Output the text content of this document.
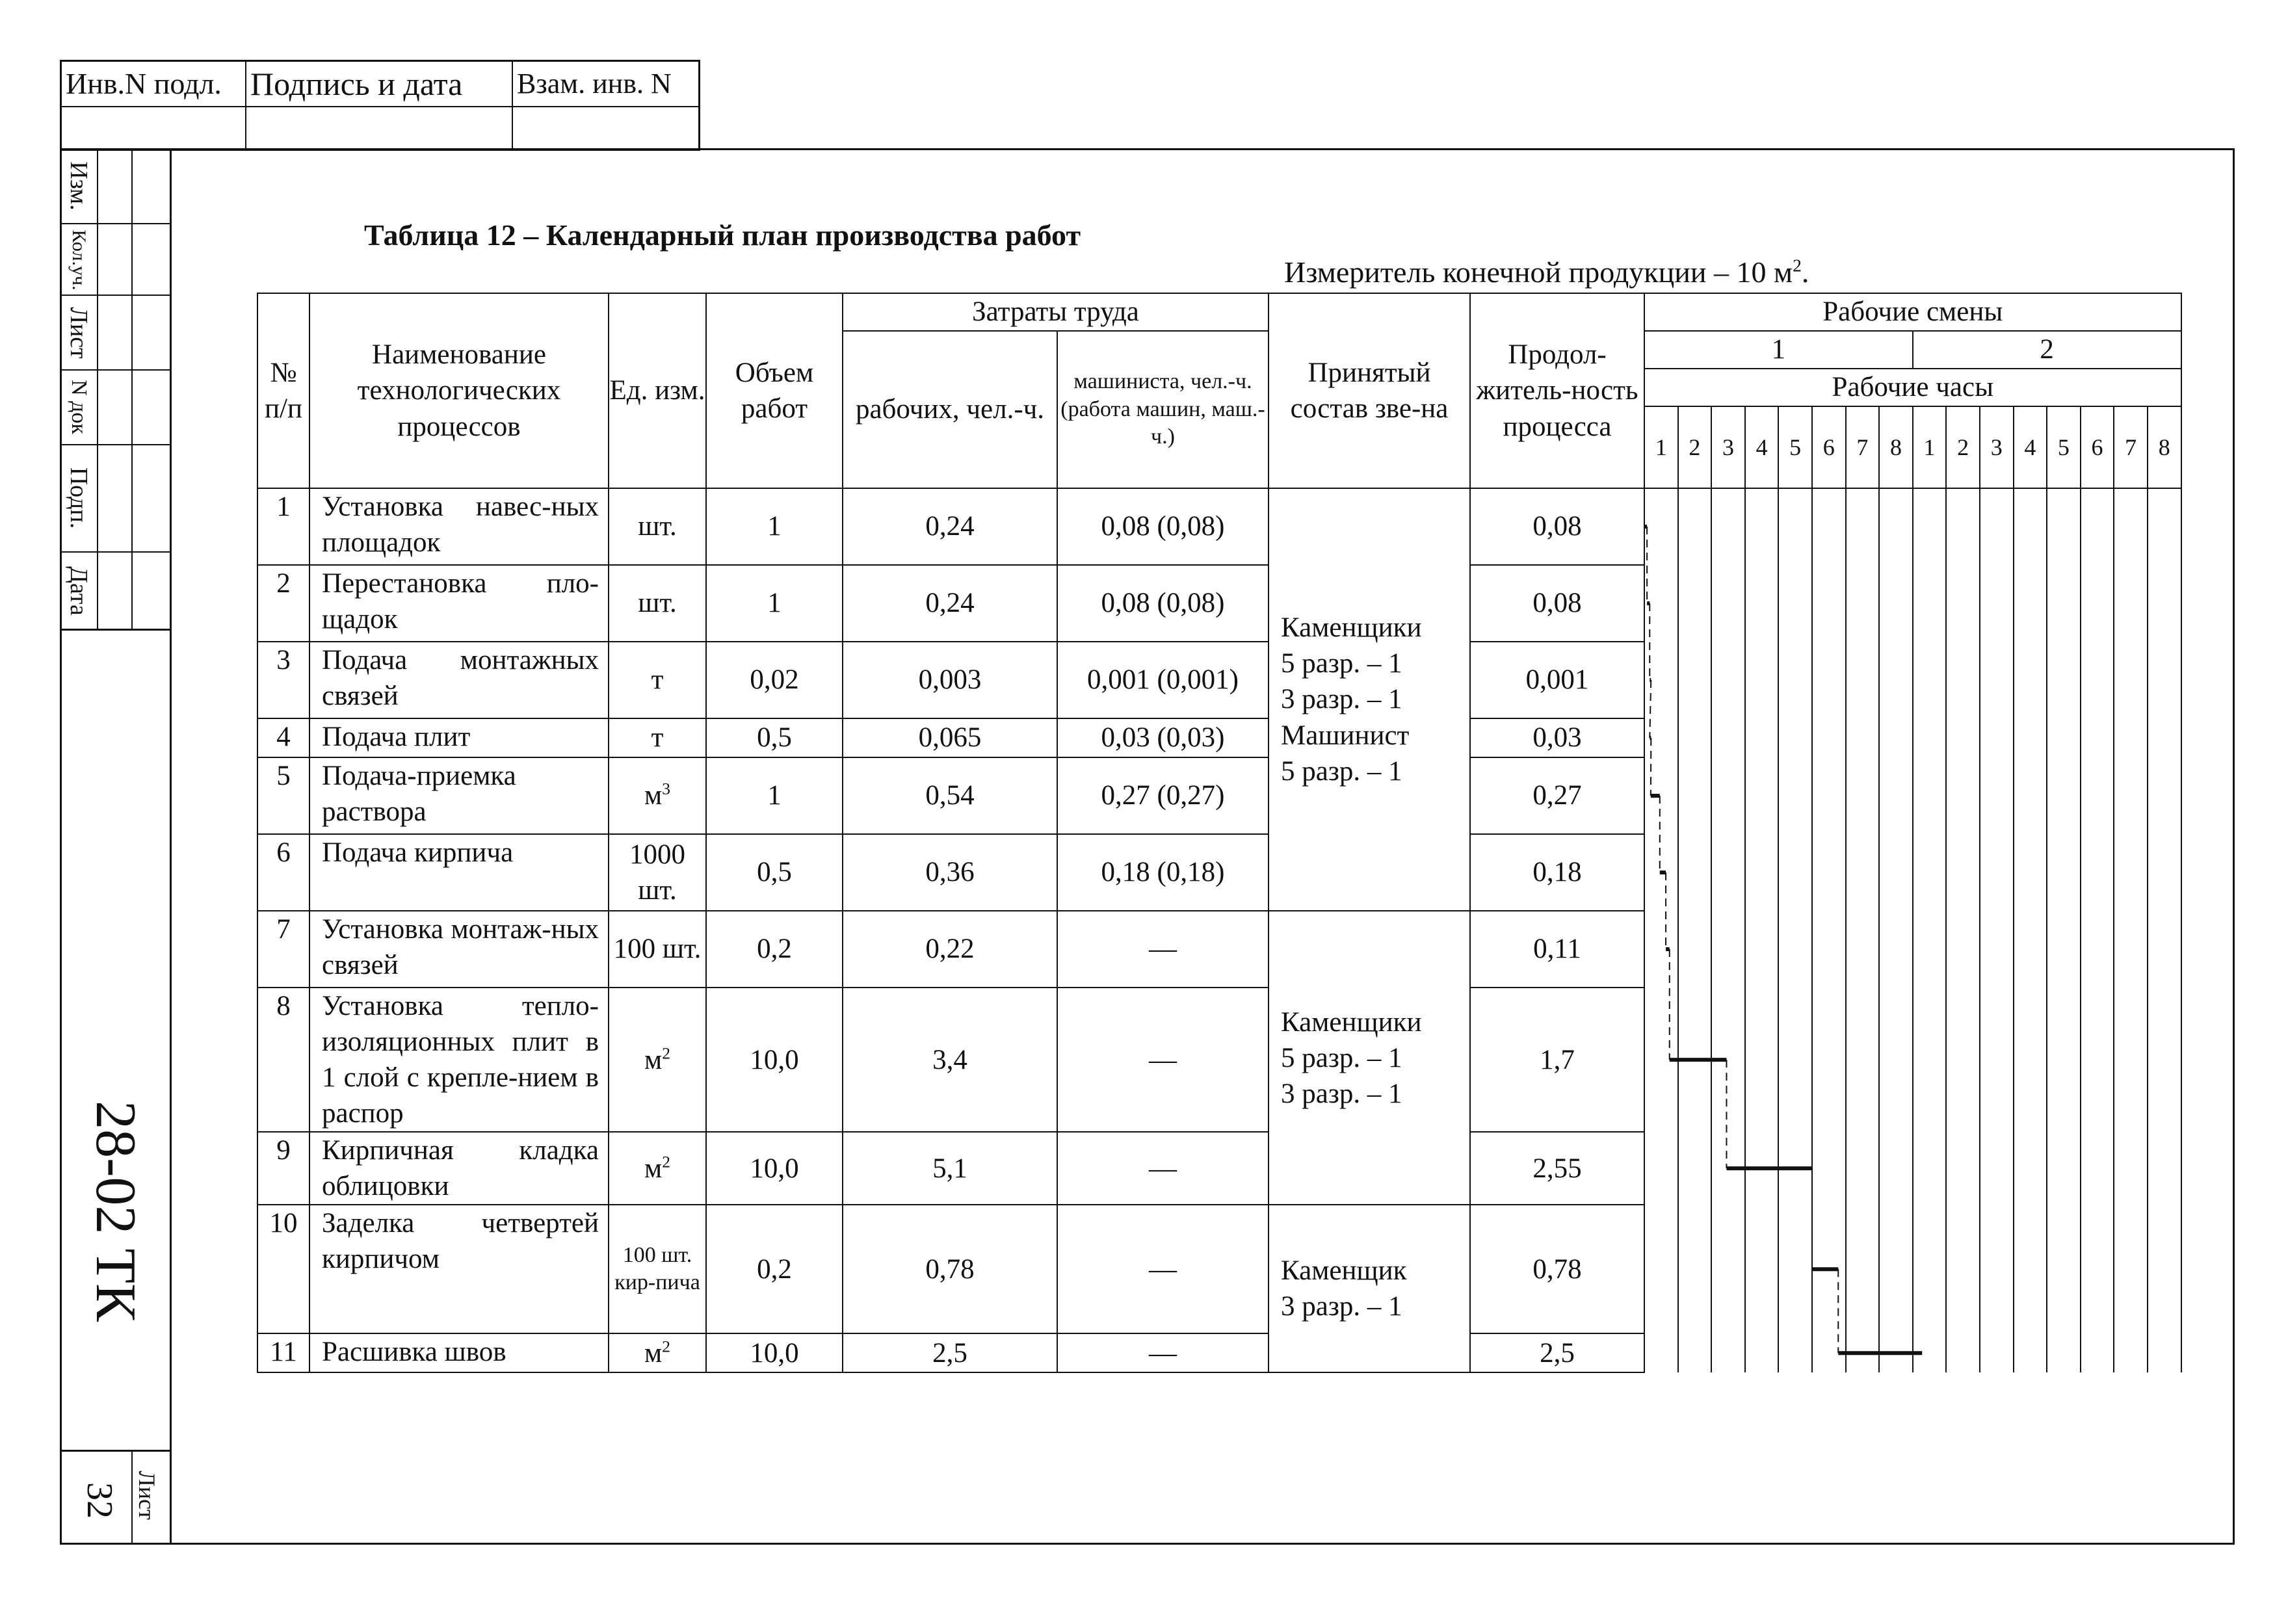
Инв.N подл. Подпись и дата	Взам. инв. N
Изм.
Кол.уч.
Лист
N док
Подп.
Дата
28-02 ТК
Лист
32
Таблица 12 – Календарный план производства работ
Измеритель конечной продукции – 10 $м^2$.
№ п/п	Наименование технологических процессов	Ед. изм.	Объем работ	Затраты труда		Принятый состав зве-на	Продол-житель-ность процесса	Рабочие смены															
				рабочих, чел.-ч.	машиниста, чел.-ч. (работа машин, маш.-ч.)			1								2							
								Рабочие часы															
								1	2	3	4	5	6	7	8	1	2	3	4	5	6	7	8

1	Установка навес-ных площадок	шт.	1	0,24	0,08 (0,08)	Каменщики
5 разр. – 1
3 разр. – 1
Машинист
5 разр. – 1	0,08																
2	Перестановка пло-щадок	шт.	1	0,24	0,08 (0,08)		0,08																
3	Подача монтажных связей	т	0,02	0,003	0,001 (0,001)		0,001																
4	Подача плит	т	0,5	0,065	0,03 (0,03)		0,03																
5	Подача-приемка раствора	$м^3$	1	0,54	0,27 (0,27)		0,27																
6	Подача кирпича	1000 шт.	0,5	0,36	0,18 (0,18)		0,18																
7	Установка монтаж-ных связей	100 шт.	0,2	0,22	—	Каменщики
5 разр. – 1
3 разр. – 1	0,11																
8	Установка тепло-изоляционных плит в 1 слой с крепле-нием в распор	$м^2$	10,0	3,4	—		1,7																
9	Кирпичная кладка облицовки	$м^2$	10,0	5,1	—		2,55																
10	Заделка четвертей кирпичом	100 шт. кир-пича	0,2	0,78	—	Каменщик
3 разр. – 1	0,78																
11	Расшивка швов	$м^2$	10,0	2,5	—		2,5																
